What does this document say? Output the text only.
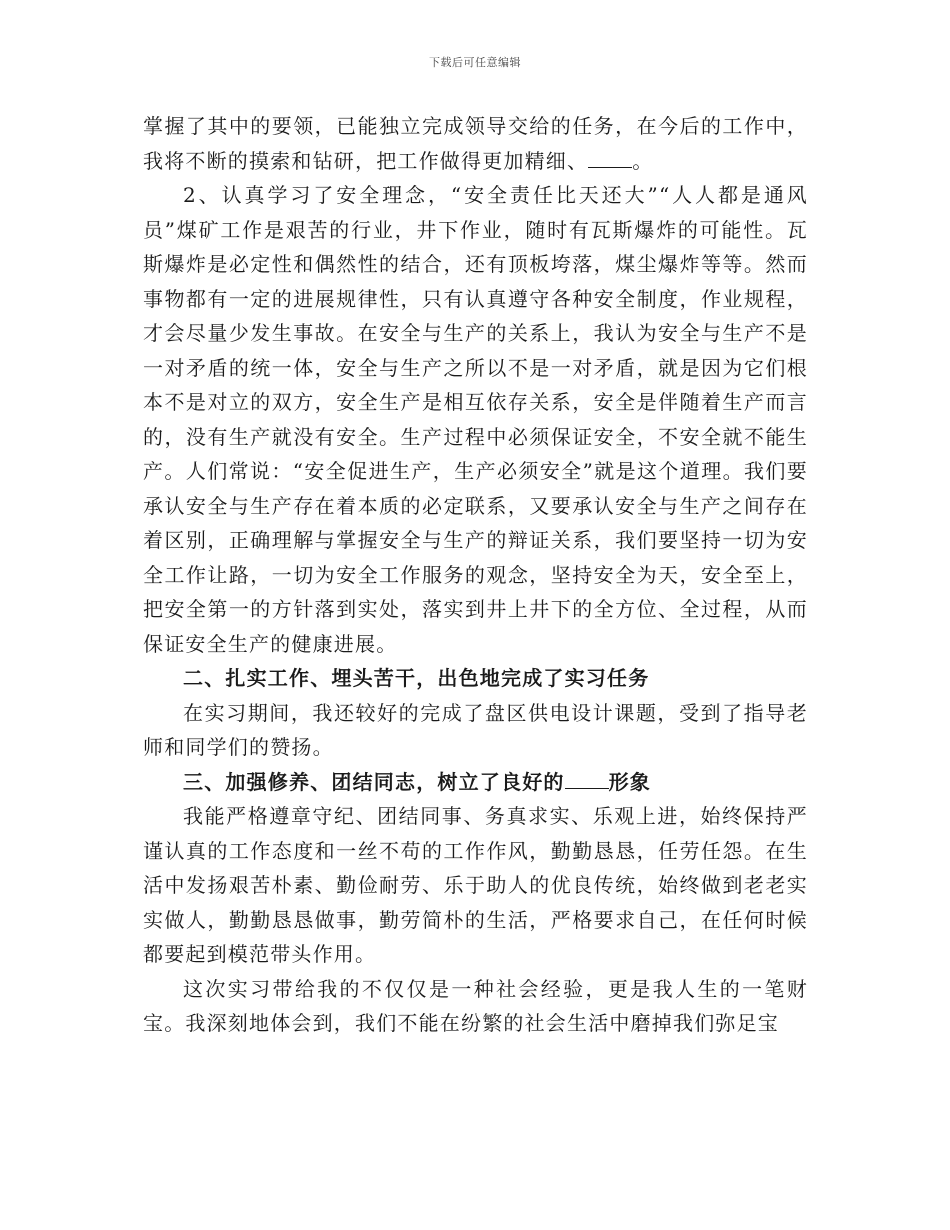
下载后可任意编辑

掌握了其中的要领，已能独立完成领导交给的任务，在今后的工作中，我将不断的摸索和钻研，把工作做得更加精细、 。

2、认真学习了安全理念，“安全责任比天还大”“人人都是通风员”煤矿工作是艰苦的行业，井下作业，随时有瓦斯爆炸的可能性。瓦斯爆炸是必定性和偶然性的结合，还有顶板垮落，煤尘爆炸等等。然而事物都有一定的进展规律性，只有认真遵守各种安全制度，作业规程，才会尽量少发生事故。在安全与生产的关系上，我认为安全与生产不是一对矛盾的统一体，安全与生产之所以不是一对矛盾，就是因为它们根本不是对立的双方，安全生产是相互依存关系，安全是伴随着生产而言的，没有生产就没有安全。生产过程中必须保证安全，不安全就不能生产。人们常说：“安全促进生产，生产必须安全”就是这个道理。我们要承认安全与生产存在着本质的必定联系，又要承认安全与生产之间存在着区别，正确理解与掌握安全与生产的辩证关系，我们要坚持一切为安全工作让路，一切为安全工作服务的观念，坚持安全为天，安全至上，把安全第一的方针落到实处，落实到井上井下的全方位、全过程，从而保证安全生产的健康进展。

二、扎实工作、埋头苦干，出色地完成了实习任务

在实习期间，我还较好的完成了盘区供电设计课题，受到了指导老师和同学们的赞扬。

三、加强修养、团结同志，树立了良好的 形象

我能严格遵章守纪、团结同事、务真求实、乐观上进，始终保持严谨认真的工作态度和一丝不苟的工作作风，勤勤恳恳，任劳任怨。在生活中发扬艰苦朴素、勤俭耐劳、乐于助人的优良传统，始终做到老老实实做人，勤勤恳恳做事，勤劳简朴的生活，严格要求自己，在任何时候都要起到模范带头作用。

这次实习带给我的不仅仅是一种社会经验，更是我人生的一笔财宝。我深刻地体会到，我们不能在纷繁的社会生活中磨掉我们弥足宝
